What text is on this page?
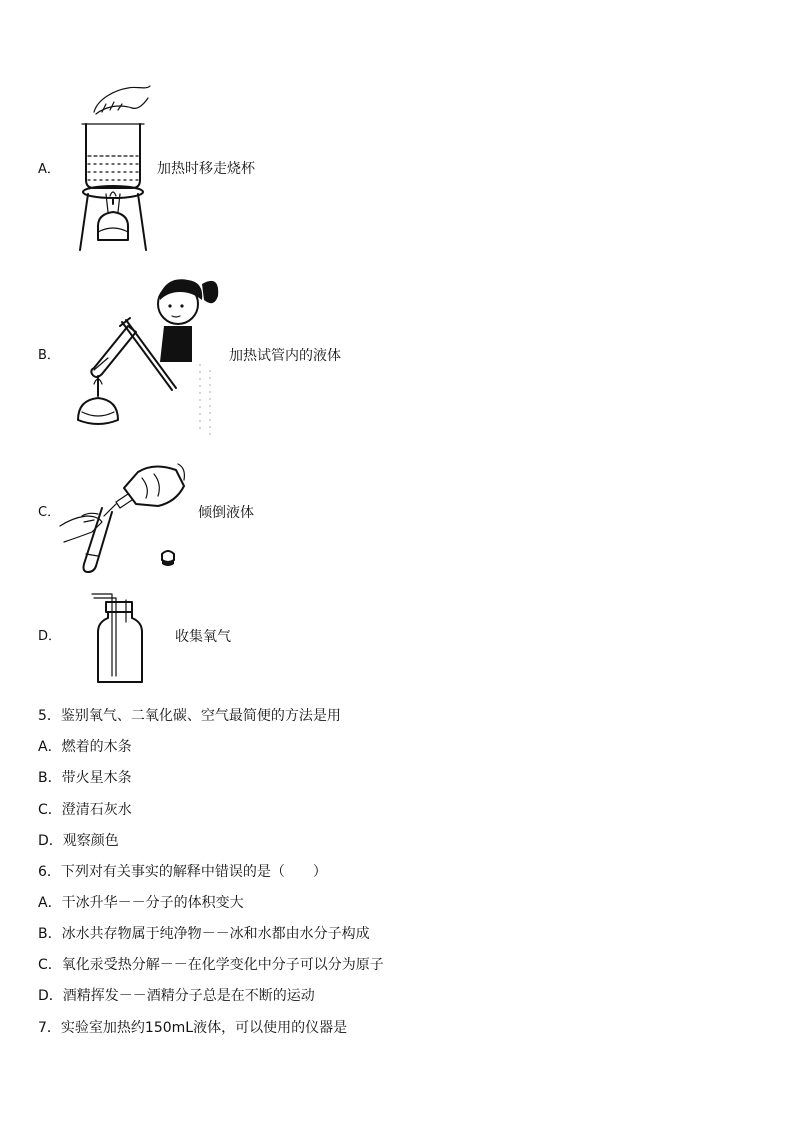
A．	加热时移走烧杯
B．	加热试管内的液体
C．	倾倒液体
D．	收集氧气
5．鉴别氧气、二氧化碳、空气最简便的方法是用
A．燃着的木条
B．带火星木条
C．澄清石灰水
D．观察颜色
6．下列对有关事实的解释中错误的是（　　）
A．干冰升华－－分子的体积变大
B．冰水共存物属于纯净物－－冰和水都由水分子构成
C．氧化汞受热分解－－在化学变化中分子可以分为原子
D．酒精挥发－－酒精分子总是在不断的运动
7．实验室加热约150mL液体，可以使用的仪器是
